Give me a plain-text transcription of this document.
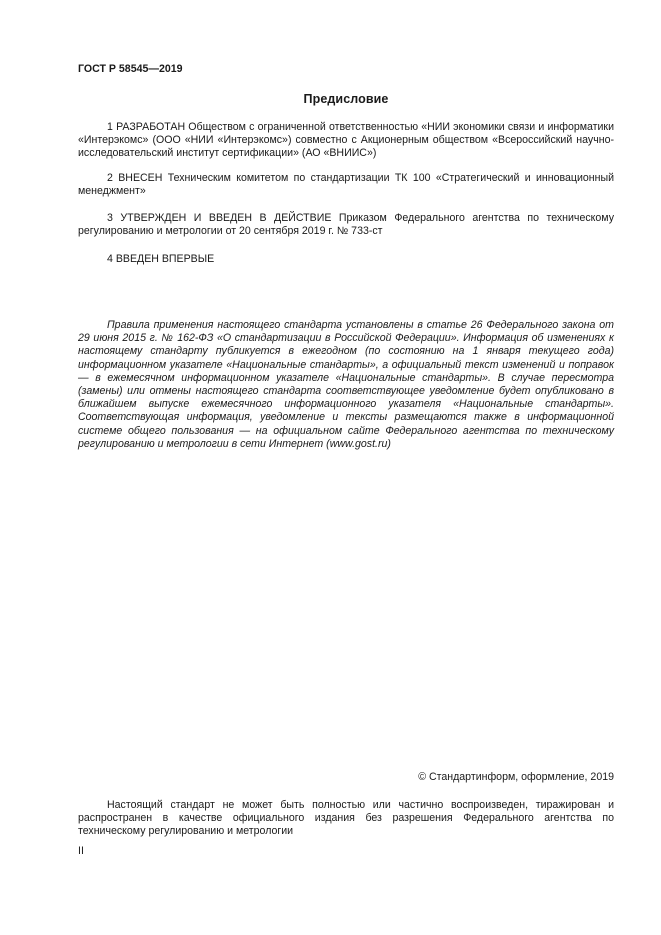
ГОСТ Р 58545—2019
Предисловие

1 РАЗРАБОТАН Обществом с ограниченной ответственностью «НИИ экономики связи и информатики «Интерэкомс» (ООО «НИИ «Интерэкомс») совместно с Акционерным обществом «Всероссийский научно-исследовательский институт сертификации» (АО «ВНИИС»)

2 ВНЕСЕН Техническим комитетом по стандартизации ТК 100 «Стратегический и инновационный менеджмент»

3 УТВЕРЖДЕН И ВВЕДЕН В ДЕЙСТВИЕ Приказом Федерального агентства по техническому регулированию и метрологии от 20 сентября 2019 г. № 733-ст

4 ВВЕДЕН ВПЕРВЫЕ

Правила применения настоящего стандарта установлены в статье 26 Федерального закона от 29 июня 2015 г. № 162-ФЗ «О стандартизации в Российской Федерации». Информация об изменениях к настоящему стандарту публикуется в ежегодном (по состоянию на 1 января текущего года) информационном указателе «Национальные стандарты», а официальный текст изменений и поправок — в ежемесячном информационном указателе «Национальные стандарты». В случае пересмотра (замены) или отмены настоящего стандарта соответствующее уведомление будет опубликовано в ближайшем выпуске ежемесячного информационного указателя «Национальные стандарты». Соответствующая информация, уведомление и тексты размещаются также в информационной системе общего пользования — на официальном сайте Федерального агентства по техническому регулированию и метрологии в сети Интернет (www.gost.ru)

© Стандартинформ, оформление, 2019

Настоящий стандарт не может быть полностью или частично воспроизведен, тиражирован и распространен в качестве официального издания без разрешения Федерального агентства по техническому регулированию и метрологии

II
